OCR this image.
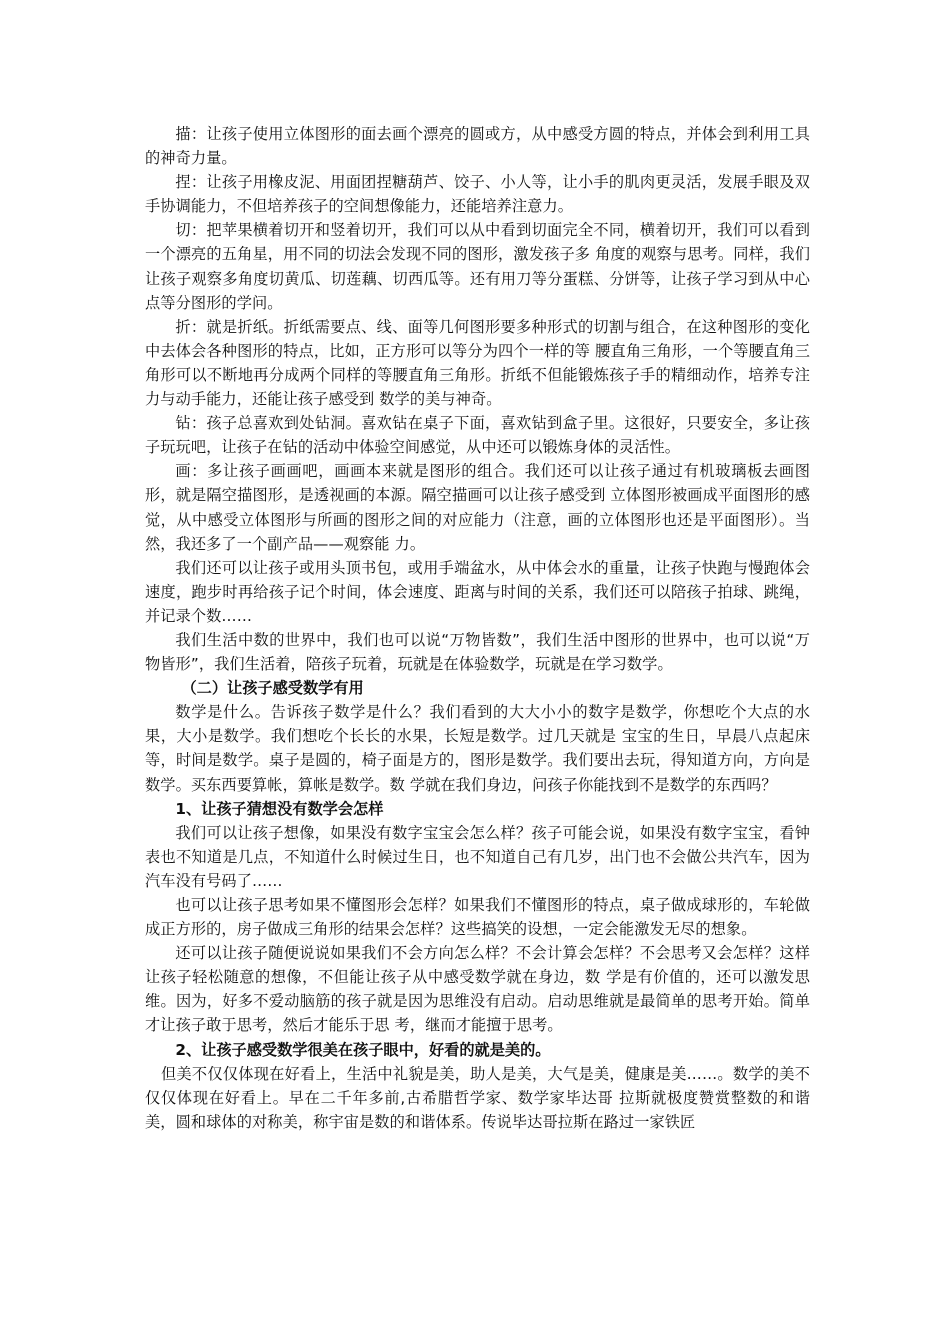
描：让孩子使用立体图形的面去画个漂亮的圆或方，从中感受方圆的特点，并体会到利用工具的神奇力量。

捏：让孩子用橡皮泥、用面团捏糖葫芦、饺子、小人等，让小手的肌肉更灵活，发展手眼及双手协调能力，不但培养孩子的空间想像能力，还能培养注意力。

切：把苹果横着切开和竖着切开，我们可以从中看到切面完全不同，横着切开，我们可以看到一个漂亮的五角星，用不同的切法会发现不同的图形，激发孩子多 角度的观察与思考。同样，我们让孩子观察多角度切黄瓜、切莲藕、切西瓜等。还有用刀等分蛋糕、分饼等，让孩子学习到从中心点等分图形的学问。

折：就是折纸。折纸需要点、线、面等几何图形要多种形式的切割与组合，在这种图形的变化中去体会各种图形的特点，比如，正方形可以等分为四个一样的等 腰直角三角形，一个等腰直角三角形可以不断地再分成两个同样的等腰直角三角形。折纸不但能锻炼孩子手的精细动作，培养专注力与动手能力，还能让孩子感受到 数学的美与神奇。

钻：孩子总喜欢到处钻洞。喜欢钻在桌子下面，喜欢钻到盒子里。这很好，只要安全，多让孩子玩玩吧，让孩子在钻的活动中体验空间感觉，从中还可以锻炼身体的灵活性。

画：多让孩子画画吧，画画本来就是图形的组合。我们还可以让孩子通过有机玻璃板去画图形，就是隔空描图形，是透视画的本源。隔空描画可以让孩子感受到 立体图形被画成平面图形的感觉，从中感受立体图形与所画的图形之间的对应能力（注意，画的立体图形也还是平面图形）。当然，我还多了一个副产品——观察能 力。

我们还可以让孩子或用头顶书包，或用手端盆水，从中体会水的重量，让孩子快跑与慢跑体会速度，跑步时再给孩子记个时间，体会速度、距离与时间的关系，我们还可以陪孩子拍球、跳绳，并记录个数……

我们生活中数的世界中，我们也可以说“万物皆数”，我们生活中图形的世界中，也可以说“万物皆形”，我们生活着，陪孩子玩着，玩就是在体验数学，玩就是在学习数学。

（二）让孩子感受数学有用

数学是什么。告诉孩子数学是什么？我们看到的大大小小的数字是数学，你想吃个大点的水果，大小是数学。我们想吃个长长的水果，长短是数学。过几天就是 宝宝的生日，早晨八点起床等，时间是数学。桌子是圆的，椅子面是方的，图形是数学。我们要出去玩，得知道方向，方向是数学。买东西要算帐，算帐是数学。数 学就在我们身边，问孩子你能找到不是数学的东西吗？

1、让孩子猜想没有数学会怎样

我们可以让孩子想像，如果没有数字宝宝会怎么样？孩子可能会说，如果没有数字宝宝，看钟表也不知道是几点，不知道什么时候过生日，也不知道自己有几岁，出门也不会做公共汽车，因为汽车没有号码了……

也可以让孩子思考如果不懂图形会怎样？如果我们不懂图形的特点，桌子做成球形的，车轮做成正方形的，房子做成三角形的结果会怎样？这些搞笑的设想，一定会能激发无尽的想象。

还可以让孩子随便说说如果我们不会方向怎么样？不会计算会怎样？不会思考又会怎样？这样让孩子轻松随意的想像，不但能让孩子从中感受数学就在身边，数 学是有价值的，还可以激发思维。因为，好多不爱动脑筋的孩子就是因为思维没有启动。启动思维就是最简单的思考开始。简单才让孩子敢于思考，然后才能乐于思 考，继而才能擅于思考。

2、让孩子感受数学很美在孩子眼中，好看的就是美的。

但美不仅仅体现在好看上，生活中礼貌是美，助人是美，大气是美，健康是美……。数学的美不仅仅体现在好看上。早在二千年多前,古希腊哲学家、数学家毕达哥 拉斯就极度赞赏整数的和谐美，圆和球体的对称美，称宇宙是数的和谐体系。传说毕达哥拉斯在路过一家铁匠
